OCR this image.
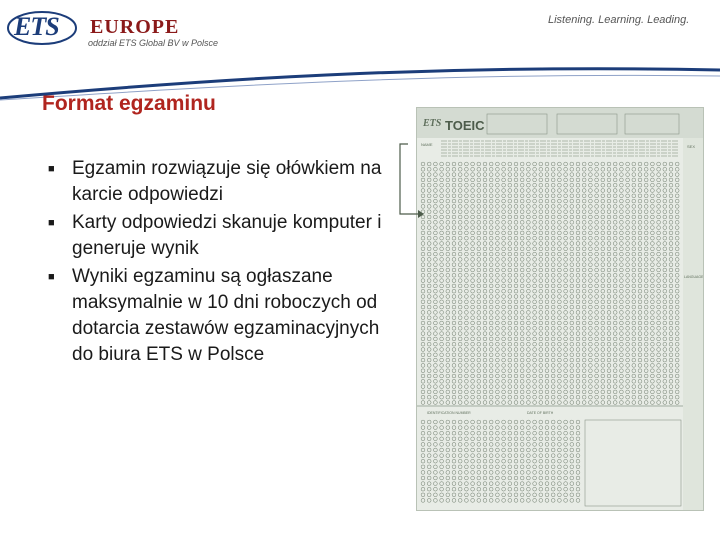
ETS EUROPE
oddział ETS Global BV w Polsce
Listening. Learning. Leading.
Format egzaminu
■ Egzamin rozwiązuje się ołówkiem na karcie odpowiedzi
■ Karty odpowiedzi skanuje komputer i generuje wynik
■ Wyniki egzaminu są ogłaszane maksymalnie w 10 dni roboczych od dotarcia zestawów egzaminacyjnych do biura ETS w Polsce
ETS TOEIC
NAME	SEX
LANGUAGE
IDENTIFICATION NUMBER	DATE OF BIRTH
